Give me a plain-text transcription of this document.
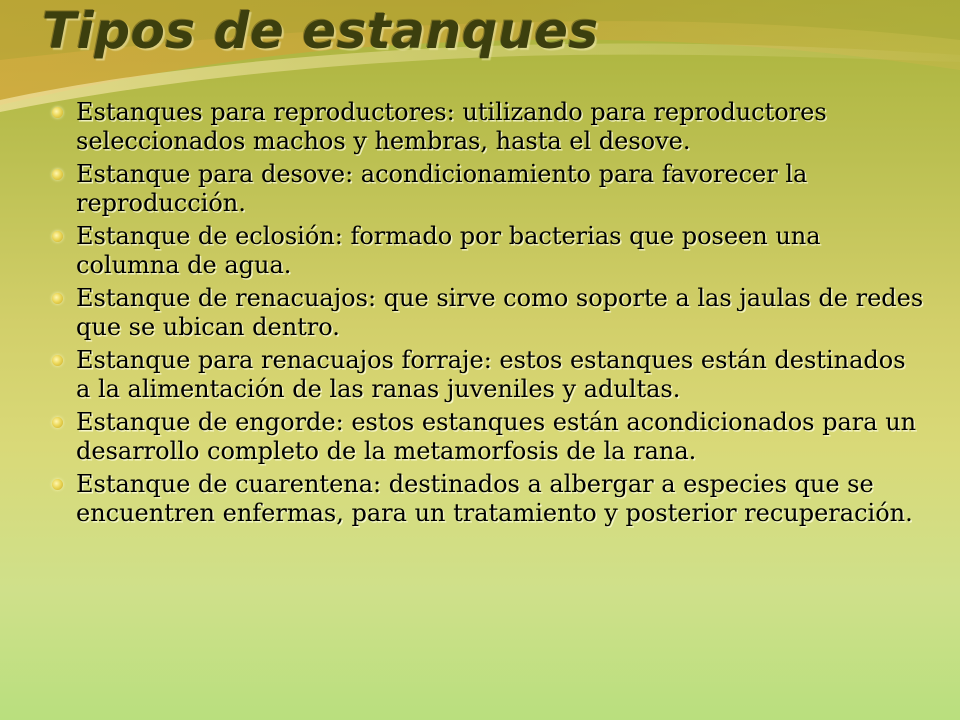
Tipos de estanques
Estanques para reproductores: utilizando para reproductores seleccionados machos y hembras, hasta el desove.
Estanque para desove: acondicionamiento para favorecer la reproducción.
Estanque de eclosión: formado por bacterias que poseen una columna de agua.
Estanque de renacuajos: que sirve como soporte a las jaulas de redes que se ubican dentro.
Estanque para renacuajos forraje: estos estanques están destinados a la alimentación de las ranas juveniles y adultas.
Estanque de engorde: estos estanques están acondicionados para un desarrollo completo de la metamorfosis de la rana.
Estanque de cuarentena: destinados a albergar a especies que se encuentren enfermas, para un tratamiento y posterior recuperación.
